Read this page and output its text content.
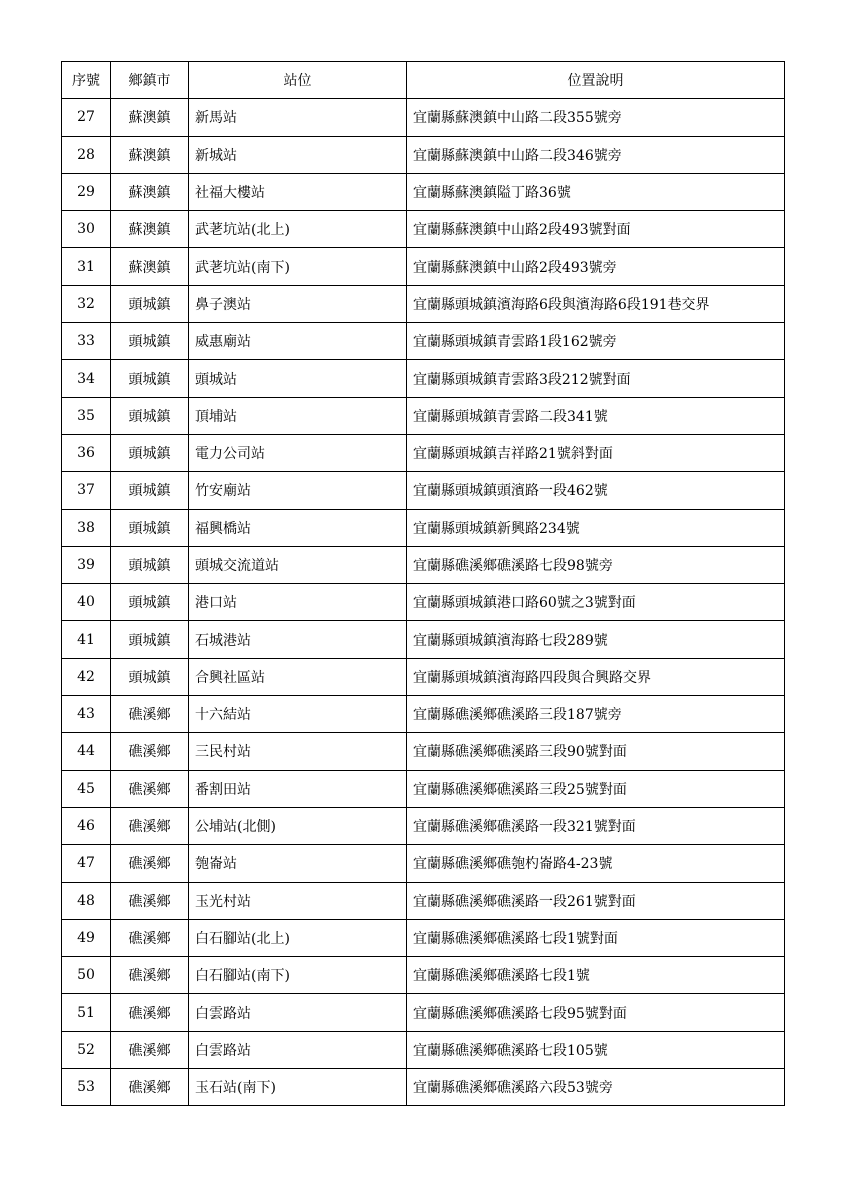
序號	鄉鎮市	站位	位置說明
27	蘇澳鎮	新馬站	宜蘭縣蘇澳鎮中山路二段355號旁
28	蘇澳鎮	新城站	宜蘭縣蘇澳鎮中山路二段346號旁
29	蘇澳鎮	社福大樓站	宜蘭縣蘇澳鎮隘丁路36號
30	蘇澳鎮	武荖坑站(北上)	宜蘭縣蘇澳鎮中山路2段493號對面
31	蘇澳鎮	武荖坑站(南下)	宜蘭縣蘇澳鎮中山路2段493號旁
32	頭城鎮	鼻子澳站	宜蘭縣頭城鎮濱海路6段與濱海路6段191巷交界
33	頭城鎮	威惠廟站	宜蘭縣頭城鎮青雲路1段162號旁
34	頭城鎮	頭城站	宜蘭縣頭城鎮青雲路3段212號對面
35	頭城鎮	頂埔站	宜蘭縣頭城鎮青雲路二段341號
36	頭城鎮	電力公司站	宜蘭縣頭城鎮吉祥路21號斜對面
37	頭城鎮	竹安廟站	宜蘭縣頭城鎮頭濱路一段462號
38	頭城鎮	福興橋站	宜蘭縣頭城鎮新興路234號
39	頭城鎮	頭城交流道站	宜蘭縣礁溪鄉礁溪路七段98號旁
40	頭城鎮	港口站	宜蘭縣頭城鎮港口路60號之3號對面
41	頭城鎮	石城港站	宜蘭縣頭城鎮濱海路七段289號
42	頭城鎮	合興社區站	宜蘭縣頭城鎮濱海路四段與合興路交界
43	礁溪鄉	十六結站	宜蘭縣礁溪鄉礁溪路三段187號旁
44	礁溪鄉	三民村站	宜蘭縣礁溪鄉礁溪路三段90號對面
45	礁溪鄉	番割田站	宜蘭縣礁溪鄉礁溪路三段25號對面
46	礁溪鄉	公埔站(北側)	宜蘭縣礁溪鄉礁溪路一段321號對面
47	礁溪鄉	匏崙站	宜蘭縣礁溪鄉礁匏杓崙路4-23號
48	礁溪鄉	玉光村站	宜蘭縣礁溪鄉礁溪路一段261號對面
49	礁溪鄉	白石腳站(北上)	宜蘭縣礁溪鄉礁溪路七段1號對面
50	礁溪鄉	白石腳站(南下)	宜蘭縣礁溪鄉礁溪路七段1號
51	礁溪鄉	白雲路站	宜蘭縣礁溪鄉礁溪路七段95號對面
52	礁溪鄉	白雲路站	宜蘭縣礁溪鄉礁溪路七段105號
53	礁溪鄉	玉石站(南下)	宜蘭縣礁溪鄉礁溪路六段53號旁
